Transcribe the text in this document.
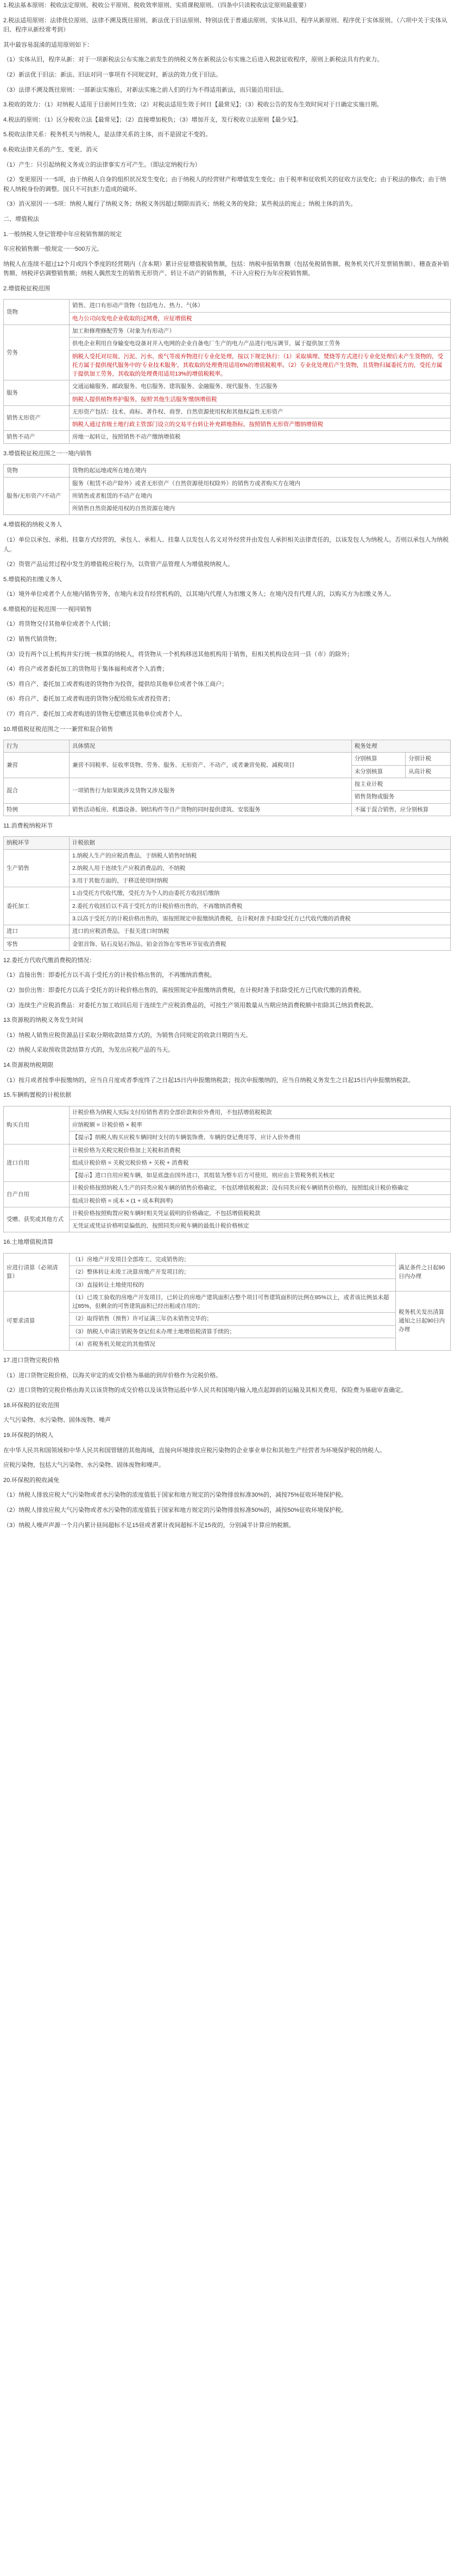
1.税法基本原则：税收法定原则、税收公平原则、税收效率原则、实质课税原则。（四条中只读税收法定原则最重要）

2.税法适用原则：法律优位原则、法律不溯及既往原则、新法优于旧法原则、特别法优于普通法原则、实体从旧、程序从新原则、程序优于实体原则。（六项中关于实体从旧、程序从新经常考到）

其中最容易混淆的适用原则如下：

（1）实体从旧，程序从新：对于一项新税法公布实施之前发生的纳税义务在新税法公布实施之后进入税款征收程序，原则上新税法具有约束力。

（2）新法优于旧法：新法、旧法对同一事项有不同规定时，新法的效力优于旧法。

（3）法律不溯及既往原则：一部新法实施后，对新法实施之前人们的行为不得适用新法，而只能沿用旧法。

3.税收的效力：（1）对纳税人适用于目前何日生效；（2）对税法适用生效于何日【最常见】；（3）税收公告的发布生效时间对于日确定实施日期。

4.税法的原则：（1）区分税收立法【最常见】；（2）直接增加税负；（3）增加开支，发行税收立法原则【最少见】。

5.税收法律关系：税务机关与纳税人，是法律关系的主体，而不是固定不变的。

6.税收法律关系的产生、变更、消灭

（1）产生：只引起纳税义务成立的法律事实方可产生。（即法定纳税行为）

（2）变更原因一一5项，由于纳税人自身的组织状况发生变化；由于纳税人的经营财产和增值发生变化；由于税率和征收机关的征收方法变化；由于税法的修改；由于纳税人纳税身份的调整。国只不可抗拒力造成的破坏。

（3）消灭原因一一5项：纳税人履行了纳税义务；纳税义务因超过期限而消灭；纳税义务的免除；某些税法的废止；纳税主体的消失。

二、增值税法

1.一般纳税人登记管理中年应税销售额的规定

年应税销售额一般规定一一500万元。

纳税人在连续不超过12个月或四个季度的经营期内（含本期）累计应征增值税销售额，包括：纳税申报销售额（包括免税销售额、税务机关代开发票销售额）、稽查查补销售额、纳税评估调整销售额；纳税人偶然发生的销售无形资产、转让不动产的销售额，不计入应税行为年应税销售额。

2.增值税征税范围

货物	销售、进口有形动产货物（包括电力、热力、气体）
	电力公司向发电企业收取的过网费，应征增值税
劳务	加工和修理修配劳务（对象为有形动产）
	供电企业利用自身输变电设备对并入电网的企业自备电厂生产的电力产品进行电压调节，属于提供加工劳务
	纳税人受托对垃圾、污泥、污水、废气等废弃物进行专业化处理，按以下规定执行：（1）采取填埋、焚烧等方式进行专业化处理后未产生货物的，受托方属于提供现代服务中的'专业技术服务'，其收取的处理费用适用6%的增值税税率。（2）专业化处理后产生货物，且货物归属委托方的，受托方属于提供加工劳务，其收取的处理费用适用13%的增值税税率。
服务	交通运输服务、邮政服务、电信服务、建筑服务、金融服务、现代服务、生活服务
	纳税人提供植物养护服务，按照'其他生活服务'缴纳增值税
销售无形资产	无形资产包括：技术、商标、著作权、商誉、自然资源使用权和其他权益性无形资产
	纳税人通过省级土地行政主管部门设立的交易平台转让补充耕地指标，按照销售无形资产缴纳增值税
销售不动产	房地一起转让，按照销售不动产缴纳增值税

3.增值税征税范围之一一境内销售

货物	货物的起运地或所在地在境内
服务/无形资产/不动产	服务（租赁不动产除外）或者无形资产（自然资源使用权除外）的销售方或者购买方在境内
	所销售或者租赁的不动产在境内
	所销售自然资源使用权的自然资源在境内

4.增值税的纳税义务人

（1）单位以承包、承租、挂靠方式经营的，承包人、承租人、挂靠人以发包人名义对外经营并由发包人承担相关法律责任的，以该发包人为纳税人。否则以承包人为纳税人。

（2）资管产品运营过程中发生的增值税应税行为，以资管产品管理人为增值税纳税人。

5.增值税的扣缴义务人

（1）境外单位或者个人在境内销售劳务，在境内未设有经营机构的，以其境内代理人为扣缴义务人；在境内没有代理人的，以购买方为扣缴义务人。

6.增值税的征税范围一一视同销售

（1）将货物交付其他单位或者个人代销；

（2）销售代销货物；

（3）设有两个以上机构并实行统一核算的纳税人，将货物从一个机构移送其他机构用于销售，但相关机构设在同一县（市）的除外；

（4）将自产或者委托加工的货物用于集体福利或者个人消费；

（5）将自产、委托加工或者购进的货物作为投资，提供给其他单位或者个体工商户；

（6）将自产、委托加工或者购进的货物分配给股东或者投资者；

（7）将自产、委托加工或者购进的货物无偿赠送其他单位或者个人。

10.增值税征税范围之一一兼营和混合销售

行为	具体情况	税务处理	
兼营	兼营不同税率、征收率货物、劳务、服务、无形资产、不动产，或者兼营免税、减税项目	分别核算	分别计税
		未分别核算	从高计税
混合	一项销售行为如果既涉及货物又涉及服务	按主业计税	
		销售货物或服务	
特例	销售活动板房、机器设备、钢结构件等自产货物的同时提供建筑、安装服务	不属于混合销售，应分别核算	

11.消费税纳税环节

纳税环节	计税依据
生产销售	1.纳税人生产的应税消费品，于纳税人销售时纳税
	2.纳税人用于连续生产应税消费品的，不纳税
	3.用于其他方面的，于移送使用时纳税
委托加工	1.由受托方代收代缴，受托方为个人的由委托方收回后缴纳
	2.委托方收回后以不高于受托方的计税价格出售的，不再缴纳消费税
	3.以高于受托方的计税价格出售的，需按照规定申报缴纳消费税，在计税时准予扣除受托方已代收代缴的消费税
进口	进口的应税消费品，于报关进口时纳税
零售	金银首饰、钻石及钻石饰品、铂金首饰在零售环节征收消费税

12.委托方代收代缴消费税的情况：

（1）直接出售：即委托方以不高于受托方的计税价格出售的，不再缴纳消费税。

（2）加价出售：即委托方以高于受托方的计税价格出售的，需按照规定申报缴纳消费税，在计税时准予扣除受托方已代收代缴的消费税。

（3）连续生产应税消费品：对委托方加工收回后用于连续生产应税消费品的，可按生产领用数量从当期应纳消费税额中扣除其已纳消费税款。

13.资源税的纳税义务发生时间

（1）纳税人销售应税资源品目采取分期收款结算方式的，为销售合同规定的收款日期的当天。

（2）纳税人采取预收货款结算方式的，为发出应税产品的当天。

14.资源税纳税期限

（1）按月或者按季申报缴纳的，应当自月度或者季度终了之日起15日内申报缴纳税款；按次申报缴纳的，应当自纳税义务发生之日起15日内申报缴纳税款。

15.车辆购置税的计税依据

购买自用	计税价格为纳税人实际支付给销售者的全部价款和价外费用，不包括增值税税款
	应纳税额 = 计税价格 × 税率
	【提示】纳税人购买应税车辆同时支付的车辆装饰费、车辆的登记费用等，应计入价外费用
进口自用	计税价格为关税完税价格加上关税和消费税
	组成计税价格 = 关税完税价格 + 关税 + 消费税
	【提示】进口自用应税车辆，如是底盘由国外进口，其组装为整车后方可使用，则应由主管税务机关核定
自产自用	计税价格按照纳税人生产的同类应税车辆的销售价格确定，不包括增值税税款；没有同类应税车辆销售价格的，按照组成计税价格确定
	组成计税价格 = 成本 × (1 + 成本利润率)
受赠、获奖或其他方式	计税价格按照购置应税车辆时相关凭证载明的价格确定，不包括增值税税款
	无凭证或凭证价格明显偏低的，按照同类应税车辆的最低计税价格核定

16.土地增值税清算

应进行清算（必须清算）	（1）房地产开发项目全部竣工、完成销售的；	满足条件之日起90日内办理
	（2）整体转让未竣工决算房地产开发项目的；	
	（3）直接转让土地使用权的	
可要求清算	（1）已竣工验收的房地产开发项目，已转让的房地产建筑面积占整个项目可售建筑面积的比例在85%以上，或者该比例虽未超过85%，但剩余的可售建筑面积已经出租或自用的；	税务机关发出清算通知之日起90日内办理
	（2）取得销售（预售）许可证满三年仍未销售完毕的；	
	（3）纳税人申请注销税务登记但未办理土地增值税清算手续的；	
	（4）省税务机关规定的其他情况	

17.进口货物完税价格

（1）进口货物完税价格，以海关审定的成交价格为基础的到岸价格作为完税价格。

（2）进口货物的完税价格由海关以该货物的成交价格以及该货物运抵中华人民共和国境内输入地点起卸前的运输及其相关费用、保险费为基础审查确定。

18.环保税的征收范围

大气污染物、水污染物、固体废物、噪声

19.环保税的纳税人

在中华人民共和国领域和中华人民共和国管辖的其他海域，直接向环境排放应税污染物的企业事业单位和其他生产经营者为环境保护税的纳税人。

应税污染物，包括大气污染物、水污染物、固体废物和噪声。

20.环保税的税收减免

（1）纳税人排放应税大气污染物或者水污染物的浓度值低于国家和地方规定的污染物排放标准30%的，减按75%征收环境保护税。

（2）纳税人排放应税大气污染物或者水污染物的浓度值低于国家和地方规定的污染物排放标准50%的，减按50%征收环境保护税。

（3）纳税人噪声声源一个月内累计昼间超标不足15昼或者累计夜间超标不足15夜的，分别减半计算应纳税额。
